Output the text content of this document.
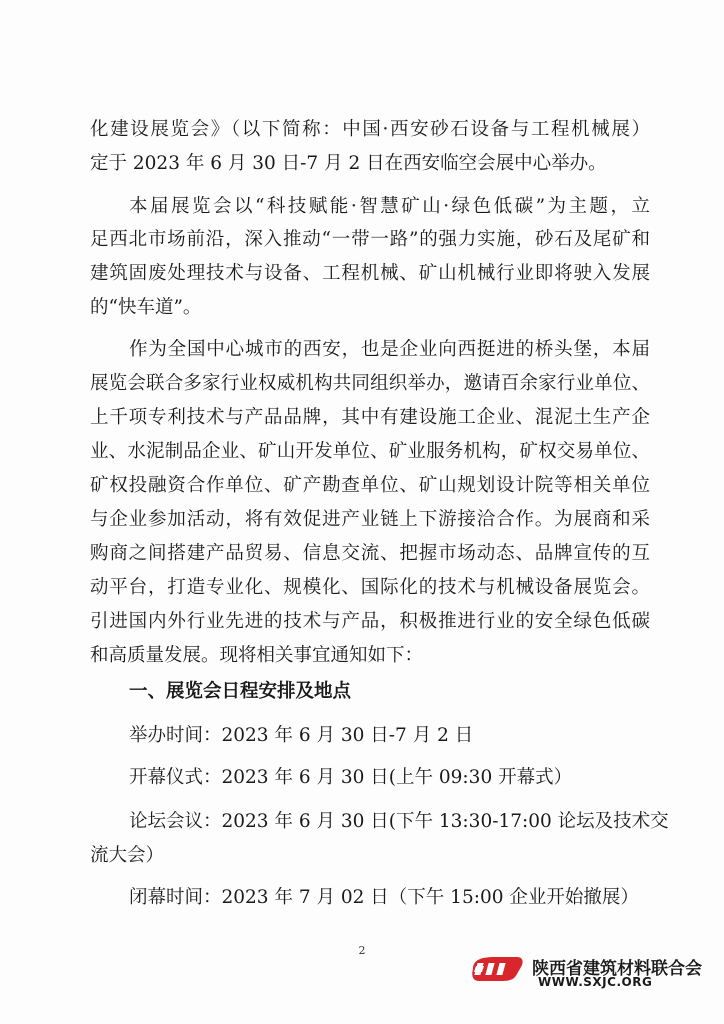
化建设展览会》（以下简称：中国·西安砂石设备与工程机械展）
定于 2023 年 6 月 30 日-7 月 2 日在西安临空会展中心举办。
本届展览会以“科技赋能·智慧矿山·绿色低碳”为主题，立
足西北市场前沿，深入推动“一带一路”的强力实施，砂石及尾矿和
建筑固废处理技术与设备、工程机械、矿山机械行业即将驶入发展
的“快车道”。
作为全国中心城市的西安，也是企业向西挺进的桥头堡，本届
展览会联合多家行业权威机构共同组织举办，邀请百余家行业单位、
上千项专利技术与产品品牌，其中有建设施工企业、混泥土生产企
业、水泥制品企业、矿山开发单位、矿业服务机构，矿权交易单位、
矿权投融资合作单位、矿产勘查单位、矿山规划设计院等相关单位
与企业参加活动，将有效促进产业链上下游接洽合作。为展商和采
购商之间搭建产品贸易、信息交流、把握市场动态、品牌宣传的互
动平台，打造专业化、规模化、国际化的技术与机械设备展览会。
引进国内外行业先进的技术与产品，积极推进行业的安全绿色低碳
和高质量发展。现将相关事宜通知如下：
一、展览会日程安排及地点
举办时间：2023 年 6 月 30 日-7 月 2 日
开幕仪式：2023 年 6 月 30 日(上午 09:30 开幕式）
论坛会议：2023 年 6 月 30 日(下午 13:30-17:00 论坛及技术交
流大会）
闭幕时间：2023 年 7 月 02 日（下午 15:00 企业开始撤展）
2
陕西省建筑材料联合会
WWW.SXJC.ORG
